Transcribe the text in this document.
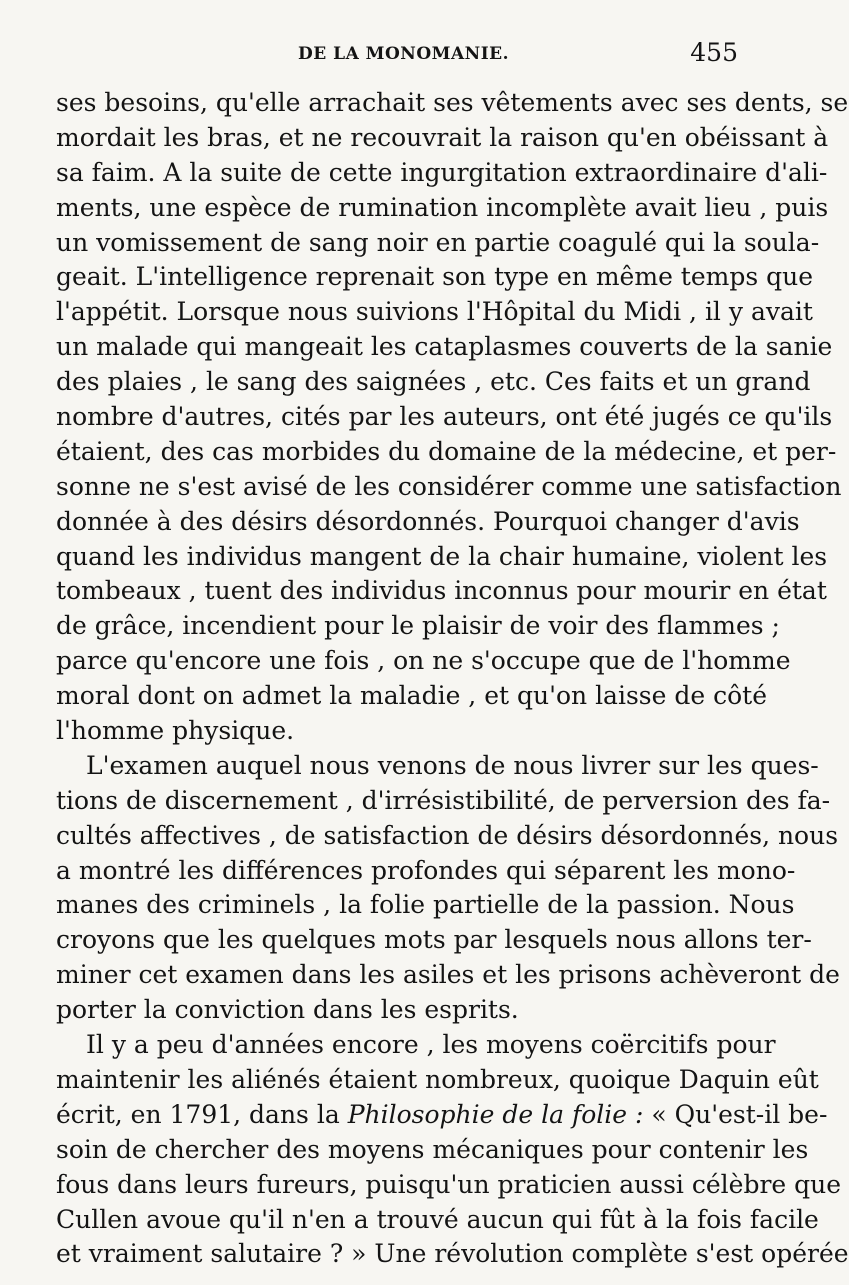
DE LA MONOMANIE.	455
ses besoins, qu'elle arrachait ses vêtements avec ses dents, se
mordait les bras, et ne recouvrait la raison qu'en obéissant à
sa faim. A la suite de cette ingurgitation extraordinaire d'ali-
ments, une espèce de rumination incomplète avait lieu , puis
un vomissement de sang noir en partie coagulé qui la soula-
geait. L'intelligence reprenait son type en même temps que
l'appétit. Lorsque nous suivions l'Hôpital du Midi , il y avait
un malade qui mangeait les cataplasmes couverts de la sanie
des plaies , le sang des saignées , etc. Ces faits et un grand
nombre d'autres, cités par les auteurs, ont été jugés ce qu'ils
étaient, des cas morbides du domaine de la médecine, et per-
sonne ne s'est avisé de les considérer comme une satisfaction
donnée à des désirs désordonnés. Pourquoi changer d'avis
quand les individus mangent de la chair humaine, violent les
tombeaux , tuent des individus inconnus pour mourir en état
de grâce, incendient pour le plaisir de voir des flammes ;
parce qu'encore une fois , on ne s'occupe que de l'homme
moral dont on admet la maladie , et qu'on laisse de côté
l'homme physique.
L'examen auquel nous venons de nous livrer sur les ques-
tions de discernement , d'irrésistibilité, de perversion des fa-
cultés affectives , de satisfaction de désirs désordonnés, nous
a montré les différences profondes qui séparent les mono-
manes des criminels , la folie partielle de la passion. Nous
croyons que les quelques mots par lesquels nous allons ter-
miner cet examen dans les asiles et les prisons achèveront de
porter la conviction dans les esprits.
Il y a peu d'années encore , les moyens coërcitifs pour
maintenir les aliénés étaient nombreux, quoique Daquin eût
écrit, en 1791, dans la Philosophie de la folie : « Qu'est-il be-
soin de chercher des moyens mécaniques pour contenir les
fous dans leurs fureurs, puisqu'un praticien aussi célèbre que
Cullen avoue qu'il n'en a trouvé aucun qui fût à la fois facile
et vraiment salutaire ? » Une révolution complète s'est opérée
